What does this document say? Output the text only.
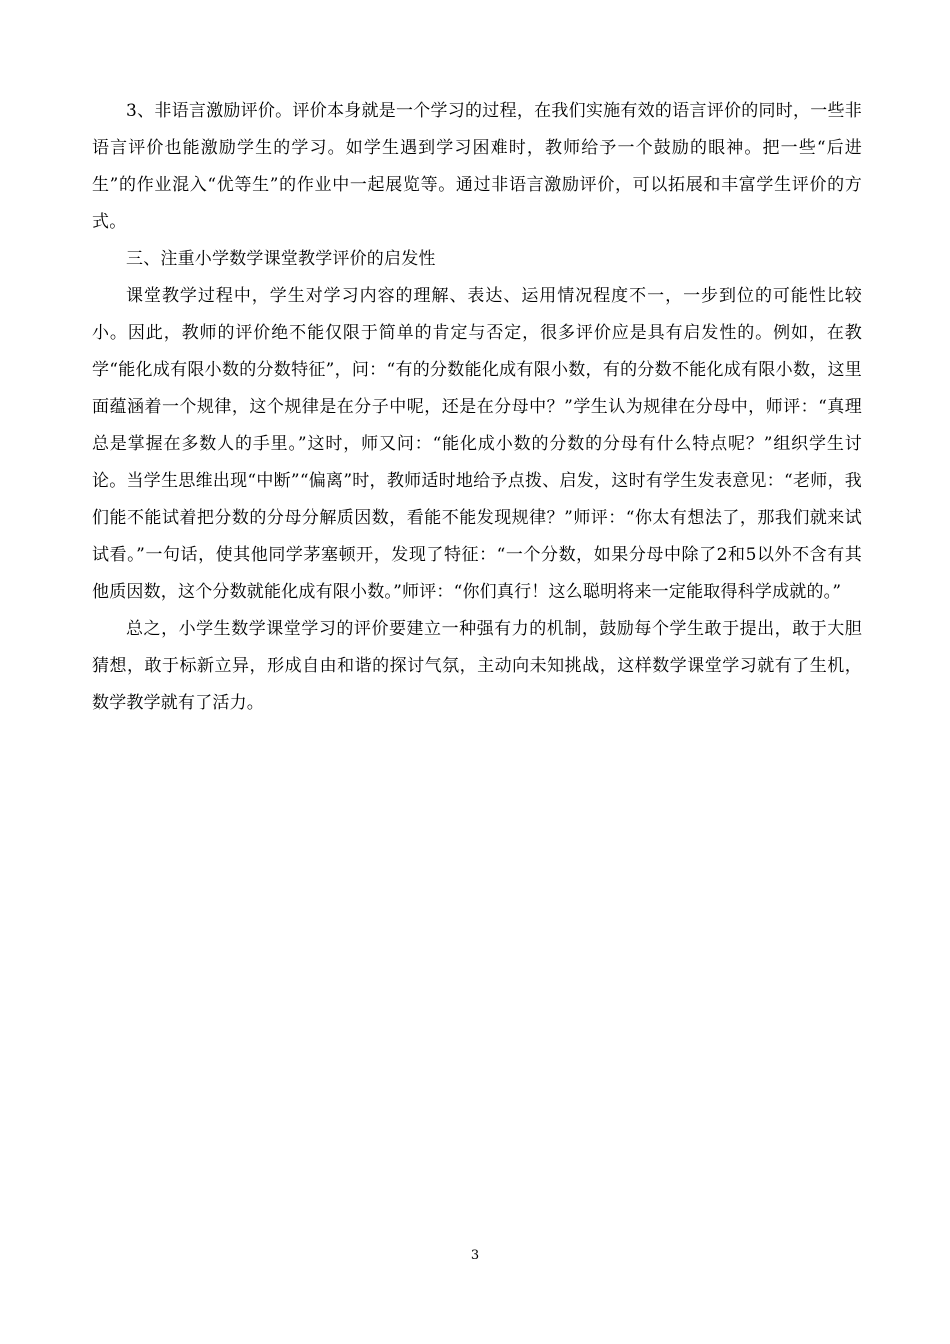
3、非语言激励评价。评价本身就是一个学习的过程，在我们实施有效的语言评价的同时，一些非语言评价也能激励学生的学习。如学生遇到学习困难时，教师给予一个鼓励的眼神。把一些“后进生”的作业混入“优等生”的作业中一起展览等。通过非语言激励评价，可以拓展和丰富学生评价的方式。

三、注重小学数学课堂教学评价的启发性

课堂教学过程中，学生对学习内容的理解、表达、运用情况程度不一，一步到位的可能性比较小。因此，教师的评价绝不能仅限于简单的肯定与否定，很多评价应是具有启发性的。例如，在教学“能化成有限小数的分数特征”，问：“有的分数能化成有限小数，有的分数不能化成有限小数，这里面蕴涵着一个规律，这个规律是在分子中呢，还是在分母中？”学生认为规律在分母中，师评：“真理总是掌握在多数人的手里。”这时，师又问：“能化成小数的分数的分母有什么特点呢？”组织学生讨论。当学生思维出现“中断”“偏离”时，教师适时地给予点拨、启发，这时有学生发表意见：“老师，我们能不能试着把分数的分母分解质因数，看能不能发现规律？”师评：“你太有想法了，那我们就来试试看。”一句话，使其他同学茅塞顿开，发现了特征：“一个分数，如果分母中除了2和5以外不含有其他质因数，这个分数就能化成有限小数。”师评：“你们真行！这么聪明将来一定能取得科学成就的。”

总之，小学生数学课堂学习的评价要建立一种强有力的机制，鼓励每个学生敢于提出，敢于大胆猜想，敢于标新立异，形成自由和谐的探讨气氛，主动向未知挑战，这样数学课堂学习就有了生机，数学教学就有了活力。

3
